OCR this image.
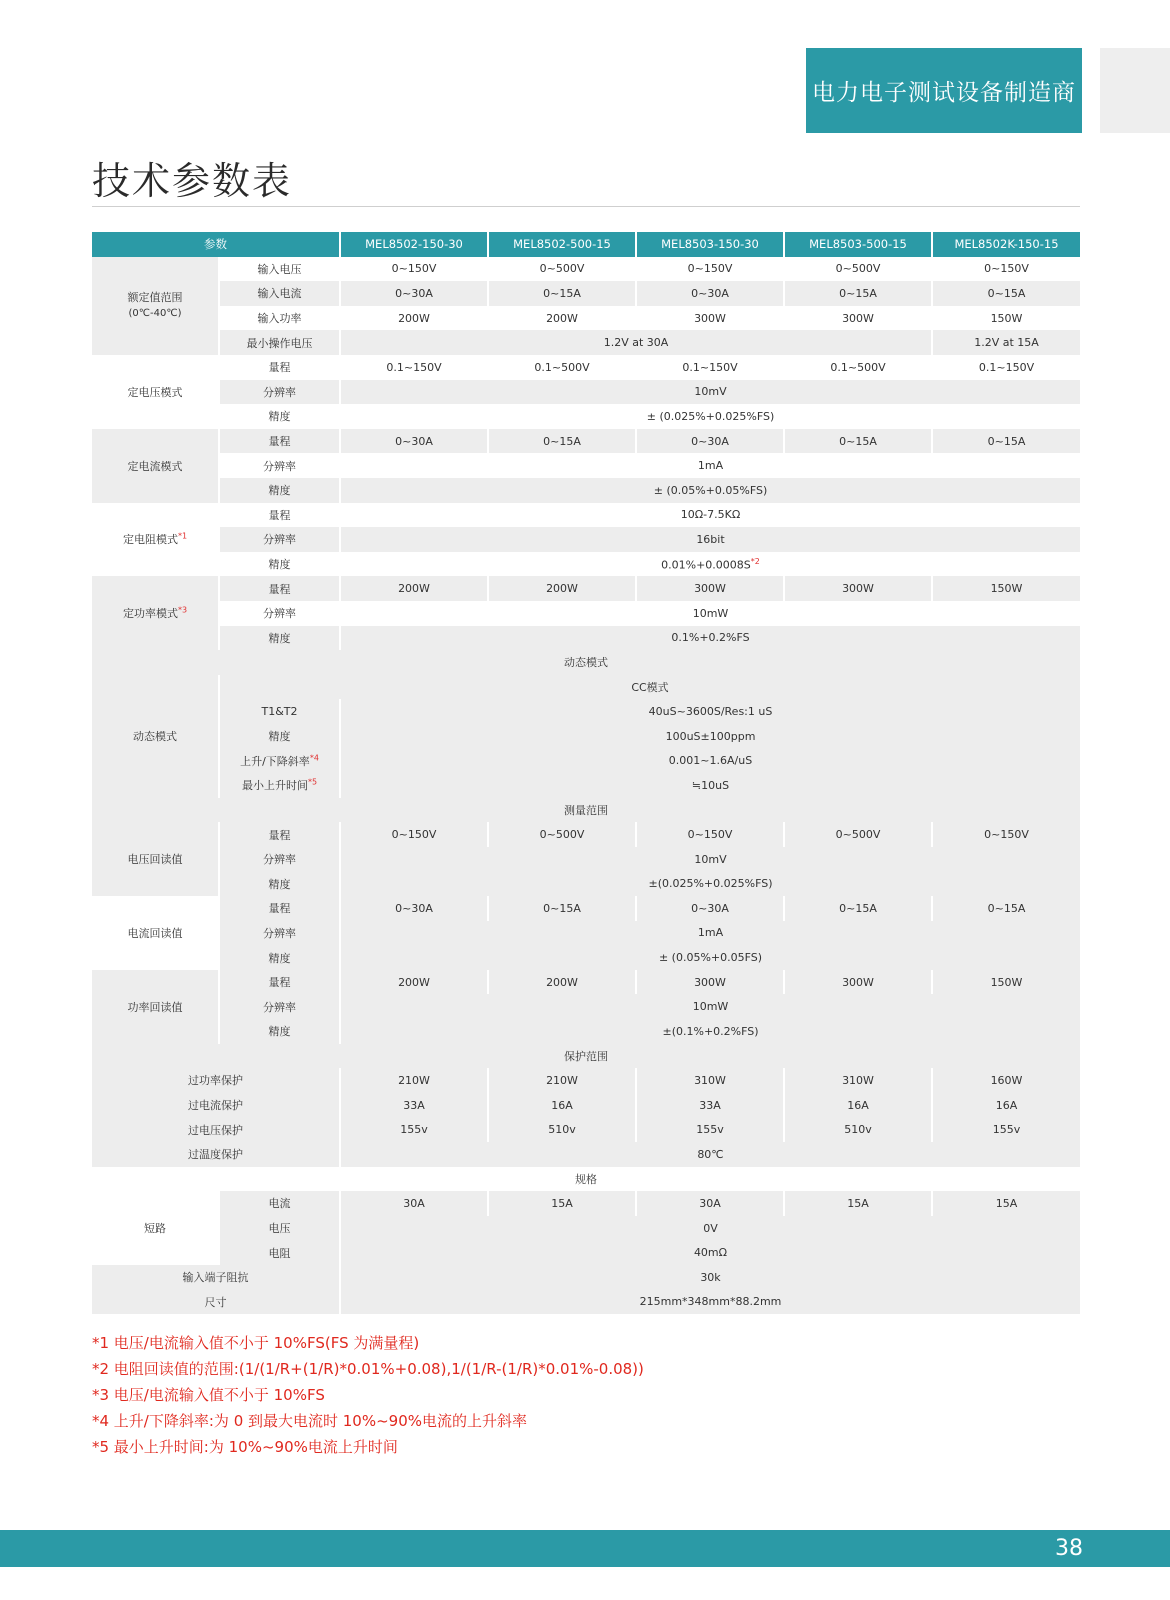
电力电子测试设备制造商
技术参数表
参数		MEL8502-150-30	MEL8502-500-15	MEL8503-150-30	MEL8503-500-15	MEL8502K-150-15
额定值范围
(0℃-40℃)	输入电压	0~150V	0~500V	0~150V	0~500V	0~150V
	输入电流	0~30A	0~15A	0~30A	0~15A	0~15A
	输入功率	200W	200W	300W	300W	150W
	最小操作电压	1.2V at 30A				1.2V at 15A
定电压模式	量程	0.1~150V	0.1~500V	0.1~150V	0.1~500V	0.1~150V
	分辨率	10mV				
	精度	± (0.025%+0.025%FS)				
定电流模式	量程	0~30A	0~15A	0~30A	0~15A	0~15A
	分辨率	1mA				
	精度	± (0.05%+0.05%FS)				
定电阻模式$^{*1}$	量程	10Ω-7.5KΩ				
	分辨率	16bit				
	精度	$0.01\%+0.0008S^{*2}$
定功率模式$^{*3}$	量程	200W	200W	300W	300W	150W
	分辨率	10mW				
	精度	0.1%+0.2%FS				
动态模式						
动态模式	CC模式					
	T1&T2	40uS~3600S/Res:1 uS				
	精度	100uS±100ppm				
	上升/下降斜率$^{*4}$	0.001~1.6A/uS				
	最小上升时间$^{*5}$	≒10uS				
测量范围						
电压回读值	量程	0~150V	0~500V	0~150V	0~500V	0~150V
	分辨率	10mV				
	精度	±(0.025%+0.025%FS)				
电流回读值	量程	0~30A	0~15A	0~30A	0~15A	0~15A
	分辨率	1mA				
	精度	± (0.05%+0.05FS)				
功率回读值	量程	200W	200W	300W	300W	150W
	分辨率	10mW				
	精度	±(0.1%+0.2%FS)				
保护范围						
过功率保护		210W	210W	310W	310W	160W
过电流保护		33A	16A	33A	16A	16A
过电压保护		155v	510v	155v	510v	155v
过温度保护		80℃				
规格						
短路	电流	30A	15A	30A	15A	15A
	电压	0V				
	电阻	40mΩ				
输入端子阻抗		30k				
尺寸		215mm*348mm*88.2mm				
*1 电压/电流输入值不小于 10%FS(FS 为满量程)
*2 电阻回读值的范围:(1/(1/R+(1/R)*0.01%+0.08),1/(1/R-(1/R)*0.01%-0.08))
*3 电压/电流输入值不小于 10%FS
*4 上升/下降斜率:为 0 到最大电流时 10%~90%电流的上升斜率
*5 最小上升时间:为 10%~90%电流上升时间
38
